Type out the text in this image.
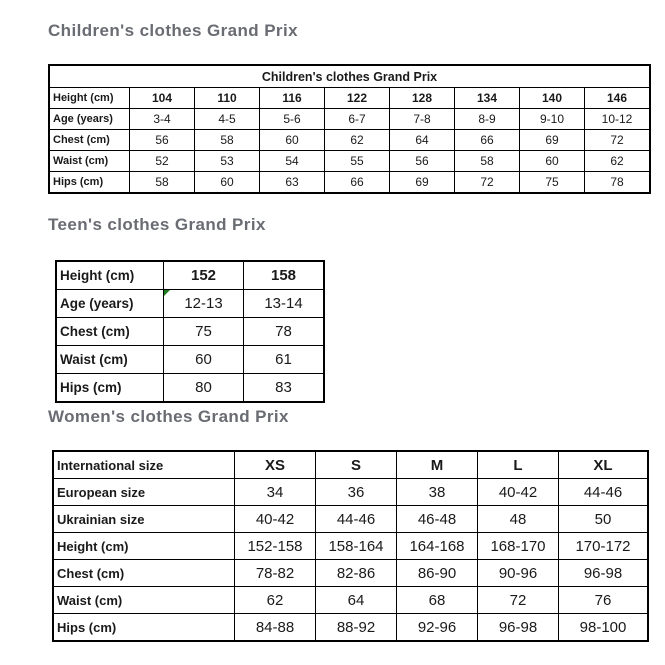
Children's clothes Grand Prix
Children's clothes Grand Prix								
Height (cm)	104	110	116	122	128	134	140	146
Age (years)	3-4	4-5	5-6	6-7	7-8	8-9	9-10	10-12
Chest (cm)	56	58	60	62	64	66	69	72
Waist (cm)	52	53	54	55	56	58	60	62
Hips (cm)	58	60	63	66	69	72	75	78
Teen's clothes Grand Prix
Height (cm)	152	158
Age (years)	12-13	13-14
Chest (cm)	75	78
Waist (cm)	60	61
Hips (cm)	80	83
Women's clothes Grand Prix
International size	XS	S	M	L	XL
European size	34	36	38	40-42	44-46
Ukrainian size	40-42	44-46	46-48	48	50
Height (cm)	152-158	158-164	164-168	168-170	170-172
Chest (cm)	78-82	82-86	86-90	90-96	96-98
Waist (cm)	62	64	68	72	76
Hips (cm)	84-88	88-92	92-96	96-98	98-100
